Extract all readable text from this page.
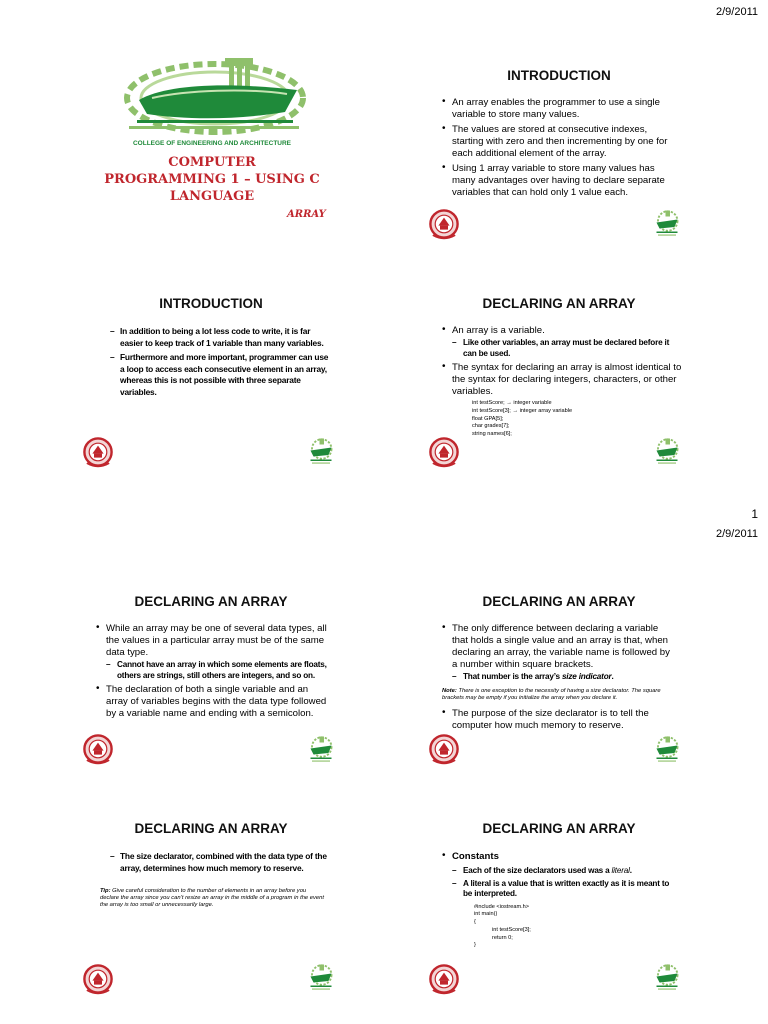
2/9/2011
COLLEGE OF ENGINEERING AND ARCHITECTURE
COMPUTER
PROGRAMMING 1 – USING C
LANGUAGE
ARRAY
INTRODUCTION
• An array enables the programmer to use a single variable to store many values.
• The values are stored at consecutive indexes, starting with zero and then incrementing by one for each additional element of the array.
• Using 1 array variable to store many values has many advantages over having to declare separate variables that can hold only 1 value each.
INTRODUCTION
– In addition to being a lot less code to write, it is far easier to keep track of 1 variable than many variables.
– Furthermore and more important, programmer can use a loop to access each consecutive element in an array, whereas this is not possible with three separate variables.
DECLARING AN ARRAY
• An array is a variable.
– Like other variables, an array must be declared before it can be used.
• The syntax for declaring an array is almost identical to the syntax for declaring integers, characters, or other variables.
int testScore; → integer variable
int testScore[3]; → integer array variable
float GPA[5];
char grades[7];
string names[6];
1
2/9/2011
DECLARING AN ARRAY
• While an array may be one of several data types, all the values in a particular array must be of the same data type.
– Cannot have an array in which some elements are floats, others are strings, still others are integers, and so on.
• The declaration of both a single variable and an array of variables begins with the data type followed by a variable name and ending with a semicolon.
DECLARING AN ARRAY
• The only difference between declaring a variable that holds a single value and an array is that, when declaring an array, the variable name is followed by a number within square brackets.
– That number is the array’s size indicator.
Note: There is one exception to the necessity of having a size declarator. The square brackets may be empty if you initialize the array when you declare it.
• The purpose of the size declarator is to tell the computer how much memory to reserve.
DECLARING AN ARRAY
– The size declarator, combined with the data type of the array, determines how much memory to reserve.
Tip: Give careful consideration to the number of elements in an array before you declare the array since you can’t resize an array in the middle of a program in the event the array is too small or unnecessarily large.
DECLARING AN ARRAY
• Constants
– Each of the size declarators used was a literal.
– A literal is a value that is written exactly as it is meant to be interpreted.
#include <iostream.h>
int main()
{
int testScore[3];
return 0;
}
